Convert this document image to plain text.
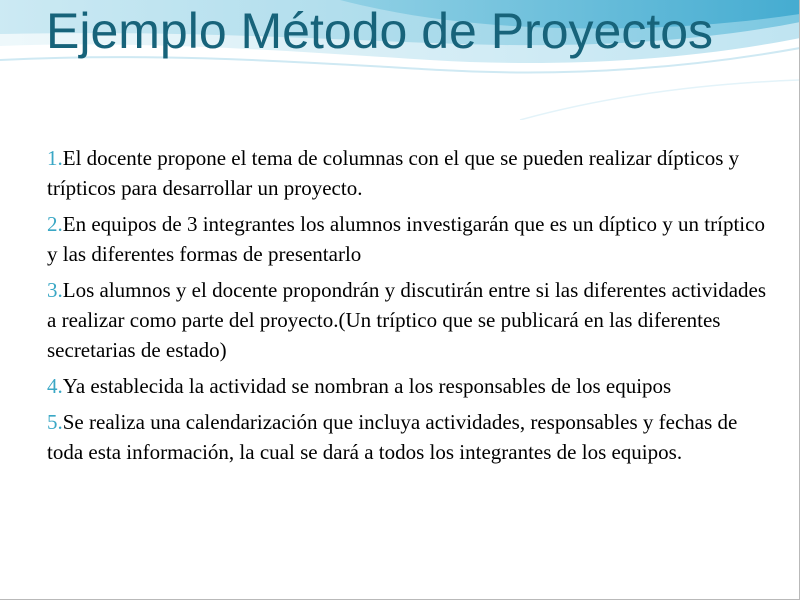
Ejemplo Método de Proyectos
1.El docente propone el tema de columnas con el que se pueden realizar dípticos y trípticos para desarrollar un proyecto.
2.En equipos de 3 integrantes los alumnos investigarán que es un díptico y un tríptico y las diferentes formas de presentarlo
3.Los alumnos y el docente propondrán y discutirán entre si las diferentes actividades a realizar como parte del proyecto.(Un tríptico que se publicará en las diferentes secretarias de estado)
4.Ya establecida la actividad se nombran a los responsables de los equipos
5.Se realiza una calendarización que incluya actividades, responsables y fechas de toda esta información, la cual se dará a todos los integrantes de los equipos.
